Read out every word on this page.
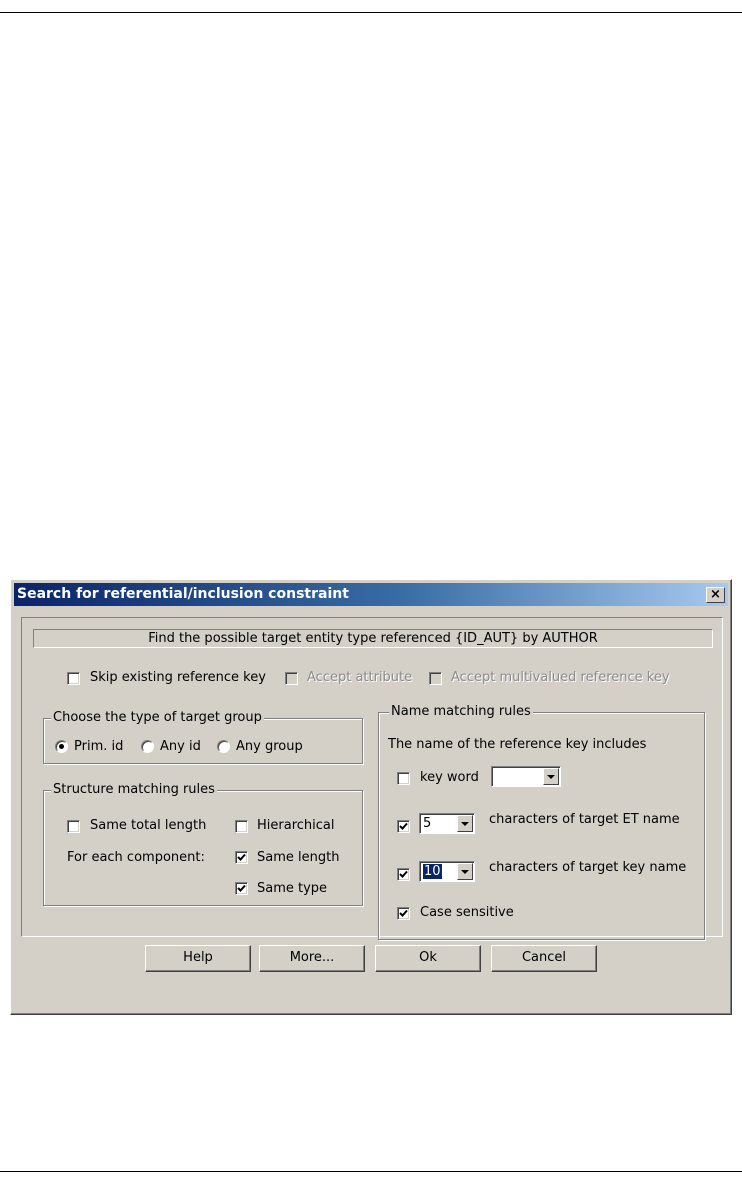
Search for referential/inclusion constraint	×
Find the possible target entity type referenced {ID_AUT} by AUTHOR
Skip existing reference key	Accept attribute	Accept multivalued reference key
Choose the type of target group
Prim. id	Any id	Any group
Structure matching rules
Same total length	Hierarchical
For each component:	Same length
Same type
Name matching rules
The name of the reference key includes
key word
5	characters of target ET name
10	characters of target key name
Case sensitive
Help	More...	Ok	Cancel
